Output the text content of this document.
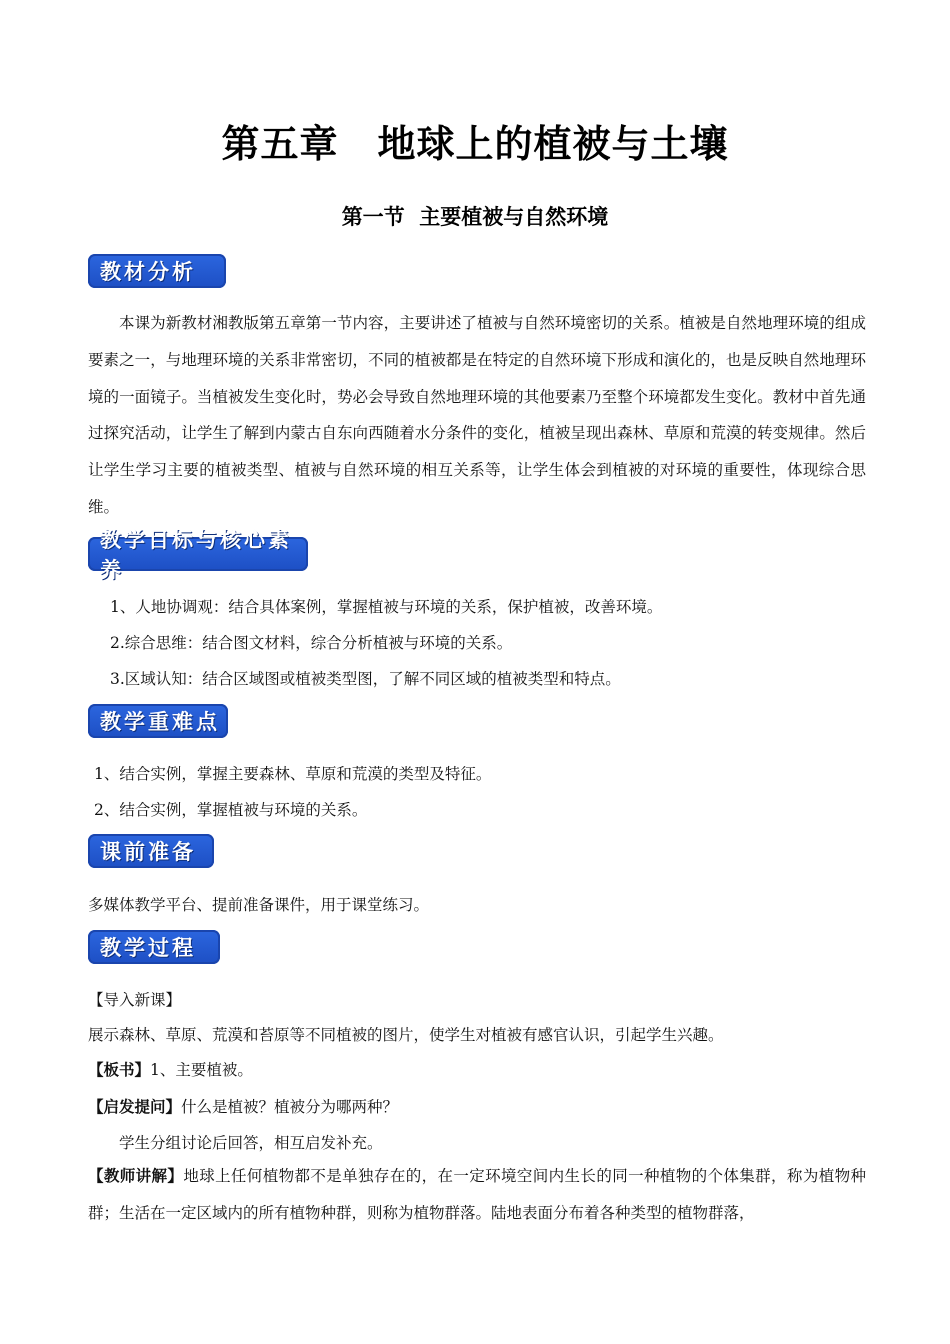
第五章　地球上的植被与土壤
第一节  主要植被与自然环境
教材分析

本课为新教材湘教版第五章第一节内容，主要讲述了植被与自然环境密切的关系。植被是自然地理环境的组成要素之一，与地理环境的关系非常密切，不同的植被都是在特定的自然环境下形成和演化的，也是反映自然地理环境的一面镜子。当植被发生变化时，势必会导致自然地理环境的其他要素乃至整个环境都发生变化。教材中首先通过探究活动，让学生了解到内蒙古自东向西随着水分条件的变化，植被呈现出森林、草原和荒漠的转变规律。然后让学生学习主要的植被类型、植被与自然环境的相互关系等，让学生体会到植被的对环境的重要性，体现综合思维。

教学目标与核心素养
1、人地协调观：结合具体案例，掌握植被与环境的关系，保护植被，改善环境。
2.综合思维：结合图文材料，综合分析植被与环境的关系。
3.区域认知：结合区域图或植被类型图，了解不同区域的植被类型和特点。
教学重难点
1、结合实例，掌握主要森林、草原和荒漠的类型及特征。
2、结合实例，掌握植被与环境的关系。
课前准备
多媒体教学平台、提前准备课件，用于课堂练习。
教学过程
【导入新课】
展示森林、草原、荒漠和苔原等不同植被的图片，使学生对植被有感官认识，引起学生兴趣。
【板书】1、主要植被。
【启发提问】什么是植被？植被分为哪两种？
学生分组讨论后回答，相互启发补充。
【教师讲解】地球上任何植物都不是单独存在的，在一定环境空间内生长的同一种植物的个体集群，称为植物种群；生活在一定区域内的所有植物种群，则称为植物群落。陆地表面分布着各种类型的植物群落，
